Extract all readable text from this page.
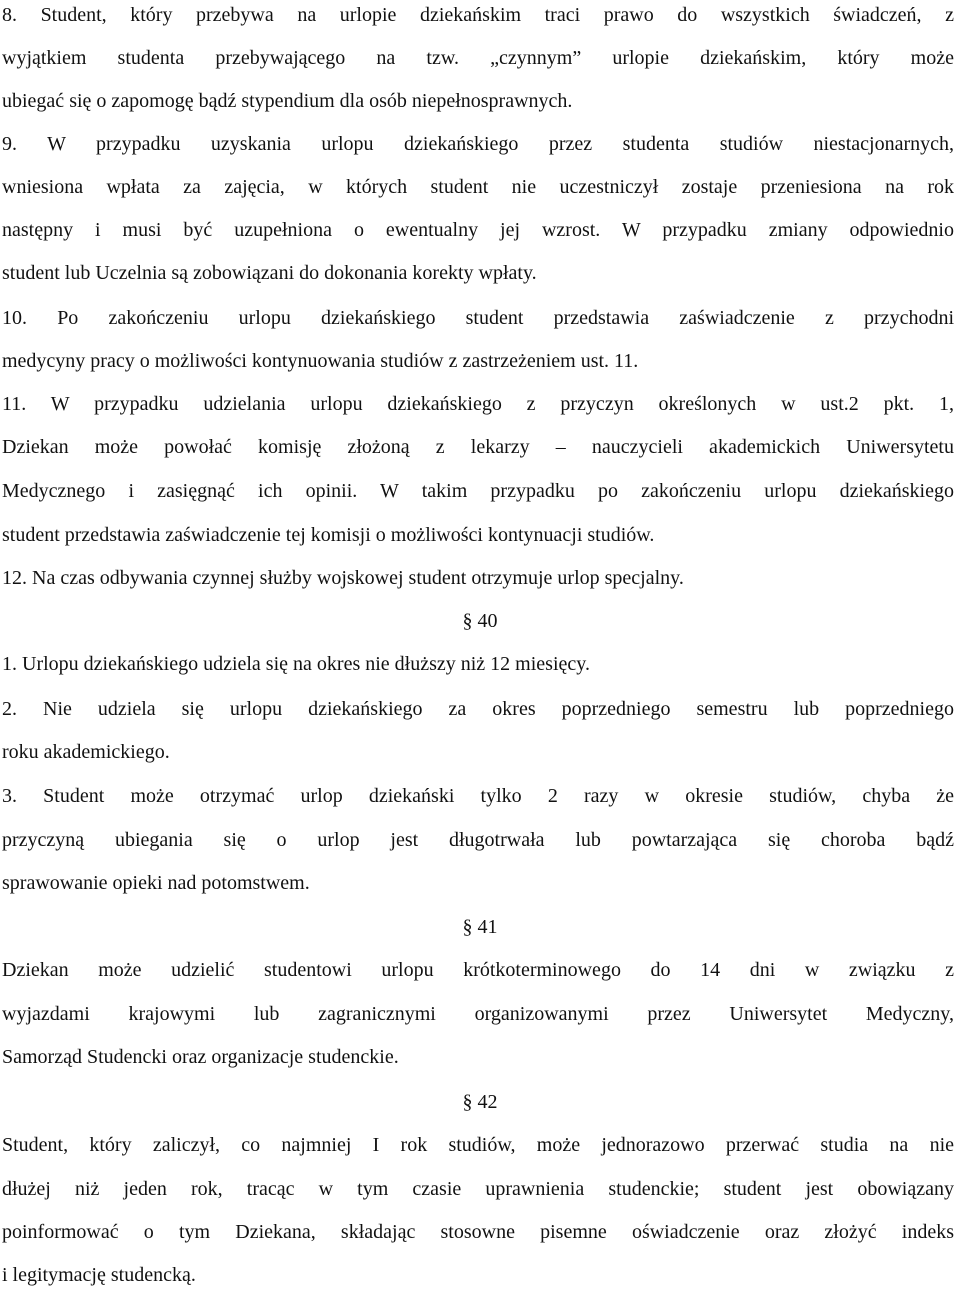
8. Student, który przebywa na urlopie dziekańskim traci prawo do wszystkich świadczeń, z
wyjątkiem studenta przebywającego na tzw. „czynnym” urlopie dziekańskim, który może
ubiegać się o zapomogę bądź stypendium dla osób niepełnosprawnych.
9. W przypadku uzyskania urlopu dziekańskiego przez studenta studiów niestacjonarnych,
wniesiona wpłata za zajęcia, w których student nie uczestniczył zostaje przeniesiona na rok
następny i musi być uzupełniona o ewentualny jej wzrost. W przypadku zmiany odpowiednio
student lub Uczelnia są zobowiązani do dokonania korekty wpłaty.
10. Po zakończeniu urlopu dziekańskiego student przedstawia zaświadczenie z przychodni
medycyny pracy o możliwości kontynuowania studiów z zastrzeżeniem ust. 11.
11. W przypadku udzielania urlopu dziekańskiego z przyczyn określonych w ust.2 pkt. 1,
Dziekan może powołać komisję złożoną z lekarzy – nauczycieli akademickich Uniwersytetu
Medycznego i zasięgnąć ich opinii. W takim przypadku po zakończeniu urlopu dziekańskiego
student przedstawia zaświadczenie tej komisji o możliwości kontynuacji studiów.
12. Na czas odbywania czynnej służby wojskowej student otrzymuje urlop specjalny.
§ 40
1. Urlopu dziekańskiego udziela się na okres nie dłuższy niż 12 miesięcy.
2. Nie udziela się urlopu dziekańskiego za okres poprzedniego semestru lub poprzedniego
roku akademickiego.
3. Student może otrzymać urlop dziekański tylko 2 razy w okresie studiów, chyba że
przyczyną ubiegania się o urlop jest długotrwała lub powtarzająca się choroba bądź
sprawowanie opieki nad potomstwem.
§ 41
Dziekan może udzielić studentowi urlopu krótkoterminowego do 14 dni w związku z
wyjazdami krajowymi lub zagranicznymi organizowanymi przez Uniwersytet Medyczny,
Samorząd Studencki oraz organizacje studenckie.
§ 42
Student, który zaliczył, co najmniej I rok studiów, może jednorazowo przerwać studia na nie
dłużej niż jeden rok, tracąc w tym czasie uprawnienia studenckie; student jest obowiązany
poinformować o tym Dziekana, składając stosowne pisemne oświadczenie oraz złożyć indeks
i legitymację studencką.
